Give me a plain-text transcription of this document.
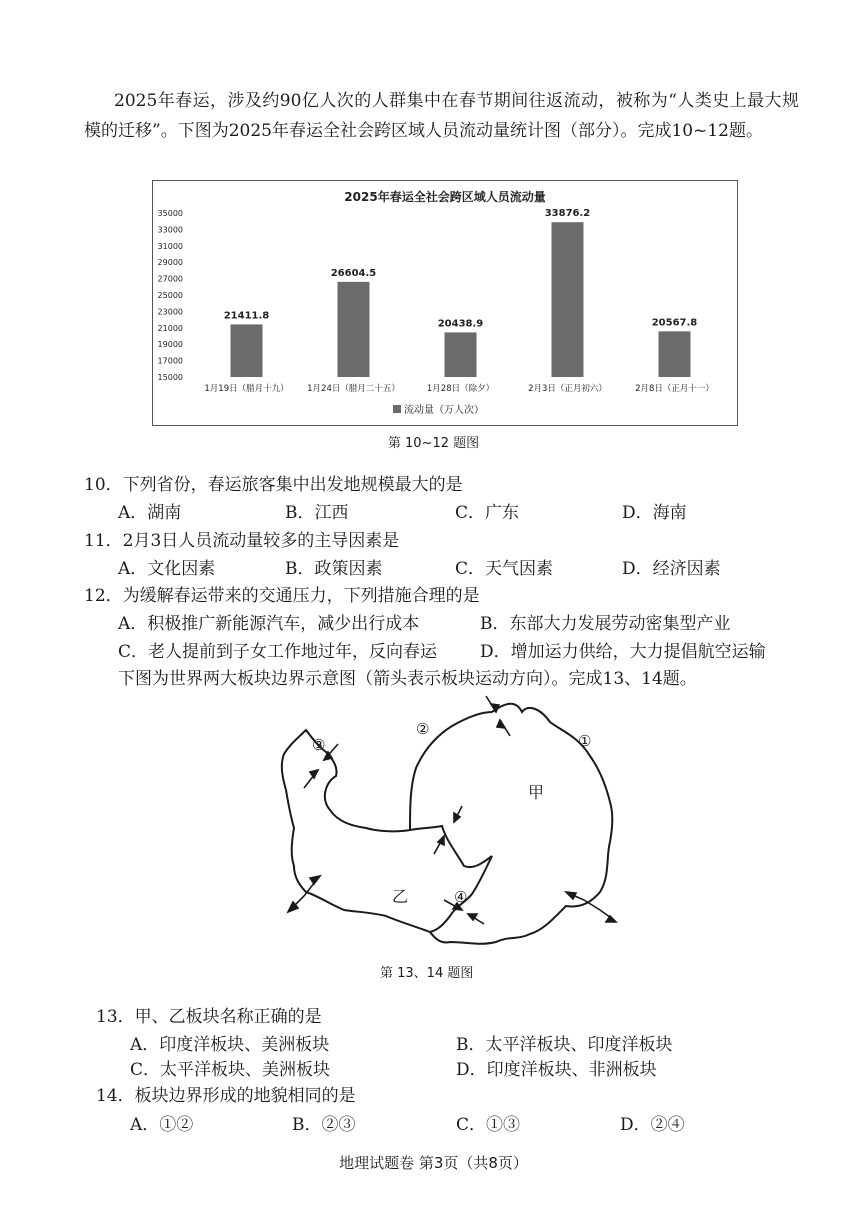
2025年春运，涉及约90亿人次的人群集中在春节期间往返流动，被称为“人类史上最大规模的迁移”。下图为2025年春运全社会跨区域人员流动量统计图（部分）。完成10~12题。
2025年春运全社会跨区域人员流动量
35000
33000
31000
29000
27000
25000
23000
21000
19000
17000
15000
21411.8
26604.5
20438.9
33876.2
20567.8
1月19日（腊月十九） 1月24日（腊月二十五）	1月28日（除夕）	2月3日（正月初六）	2月8日（正月十一）
流动量（万人次）
第 10~12 题图
10．下列省份，春运旅客集中出发地规模最大的是
A．湖南	B．江西	C．广东	D．海南
11．2月3日人员流动量较多的主导因素是
A．文化因素	B．政策因素	C．天气因素	D．经济因素
12．为缓解春运带来的交通压力，下列措施合理的是
A．积极推广新能源汽车，减少出行成本	B．东部大力发展劳动密集型产业
C．老人提前到子女工作地过年，反向春运	D．增加运力供给，大力提倡航空运输
下图为世界两大板块边界示意图（箭头表示板块运动方向）。完成13、14题。
甲
乙
①
②
③
④
第 13、14 题图
13．甲、乙板块名称正确的是
A．印度洋板块、美洲板块	B．太平洋板块、印度洋板块
C．太平洋板块、美洲板块	D．印度洋板块、非洲板块
14．板块边界形成的地貌相同的是
A．①②	B．②③	C．①③	D．②④
地理试题卷 第3页（共8页）
